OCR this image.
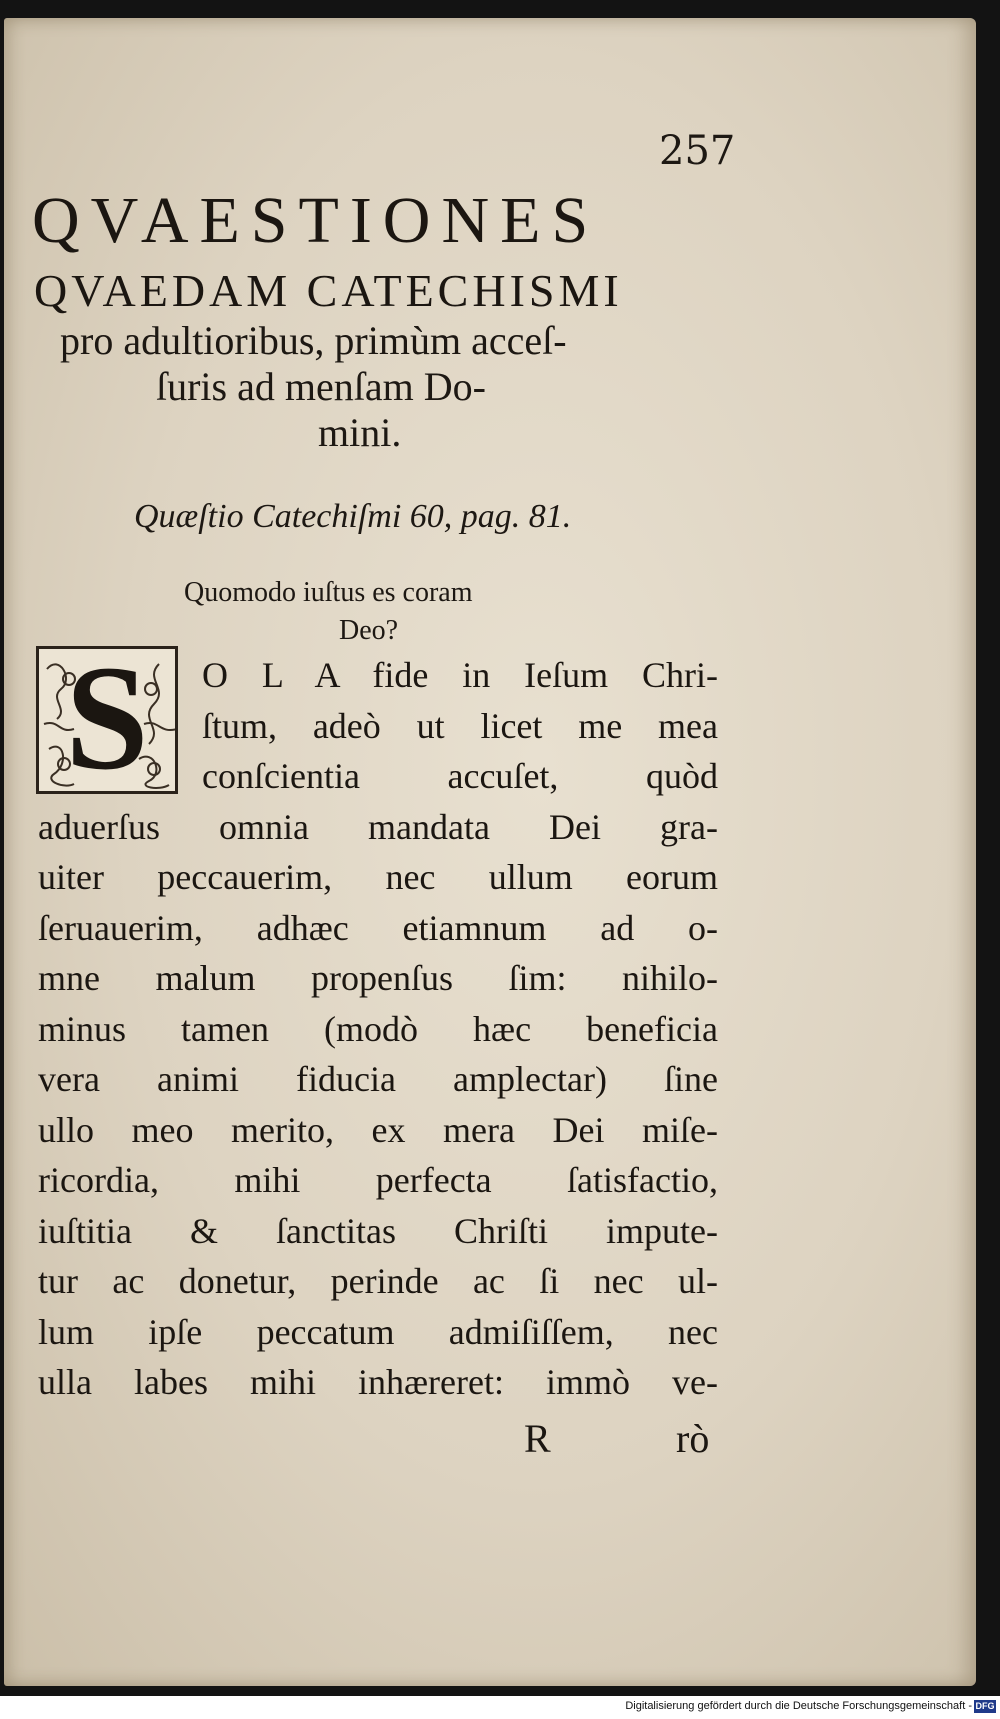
257
QVAESTIONES
QVAEDAM CATECHISMI
pro adultioribus, primùm acceſ-
ſuris ad menſam Do-
mini.
Quæſtio Catechiſmi 60, pag. 81.
Quomodo iuſtus es coram
Deo?
S	O L A fide in Ieſum Chri-
ſtum, adeò ut licet me mea
conſcientia accuſet, quòd
aduerſus omnia mandata Dei gra-
uiter peccauerim, nec ullum eorum
ſeruauerim, adhæc etiamnum ad o-
mne malum propenſus ſim: nihilo-
minus tamen (modò hæc beneficia
vera animi fiducia amplectar) ſine
ullo meo merito, ex mera Dei miſe-
ricordia, mihi perfecta ſatisfactio,
iuſtitia & ſanctitas Chriſti impute-
tur ac donetur, perinde ac ſi nec ul-
lum ipſe peccatum admiſiſſem, nec
ulla labes mihi inhæreret: immò ve-
R	rò
Digitalisierung gefördert durch die Deutsche Forschungsgemeinschaft - DFG
